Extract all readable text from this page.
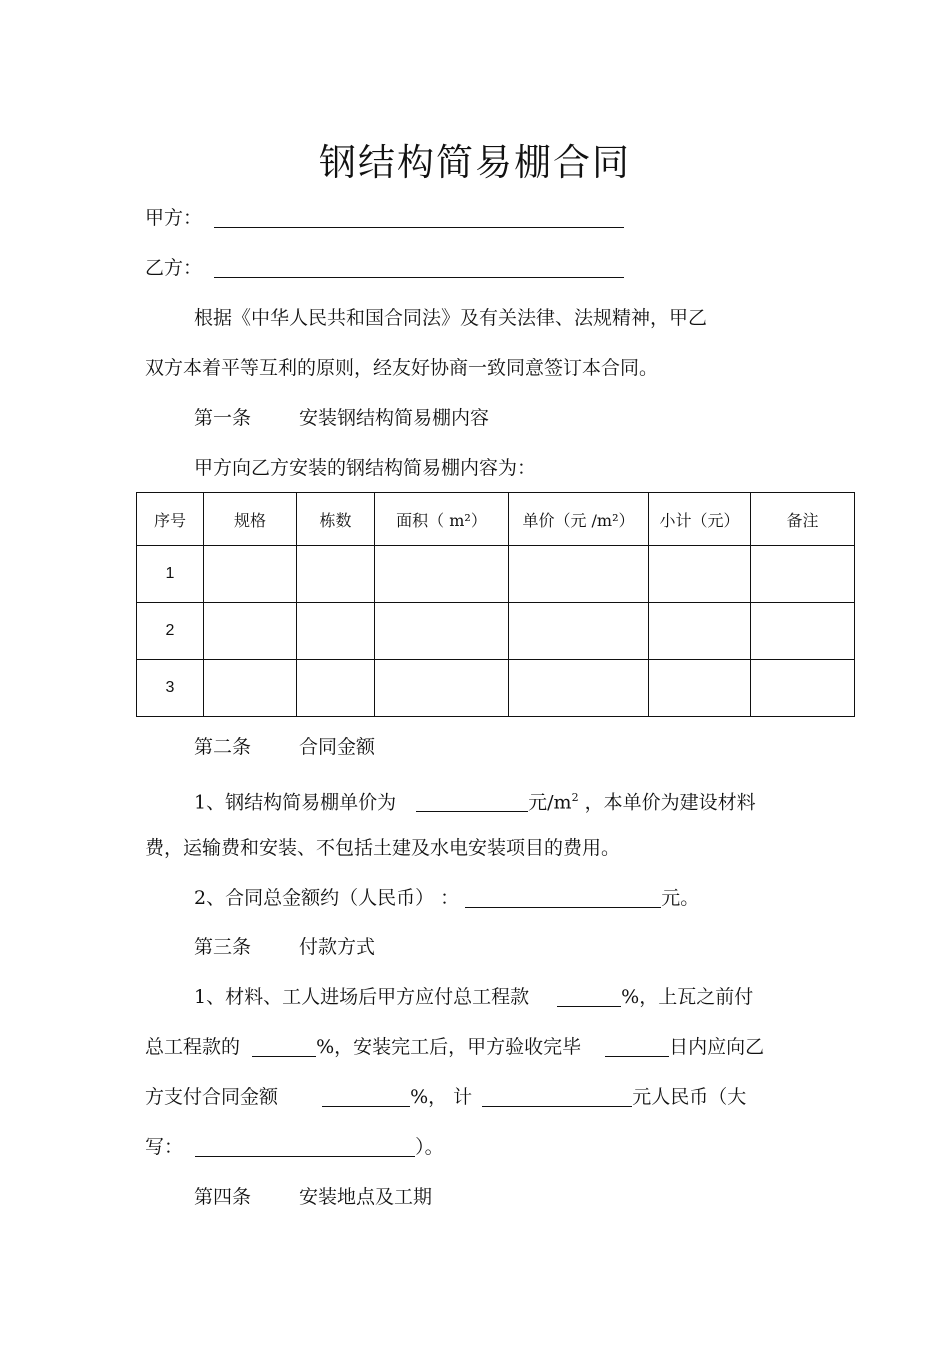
钢结构简易棚合同
甲方：
乙方：
根据《中华人民共和国合同法》及有关法律、法规精神，甲乙
双方本着平等互利的原则，经友好协商一致同意签订本合同。
第一条	安装钢结构简易棚内容
甲方向乙方安装的钢结构简易棚内容为：
序号	规格	栋数	面积（ m²）	单价（元 /m²）	小计（元）	备注
1						
2						
3						
第二条	合同金额
1、钢结构简易棚单价为	元$/m^2$ ，本单价为建设材料
费，运输费和安装、不包括土建及水电安装项目的费用。
2、合同总金额约（人民币） ：	元。
第三条	付款方式
1、材料、工人进场后甲方应付总工程款	%，上瓦之前付
总工程款的	%，安装完工后，甲方验收完毕	日内应向乙
方支付合同金额	%， 计	元人民币（大
写：	）。
第四条	安装地点及工期
